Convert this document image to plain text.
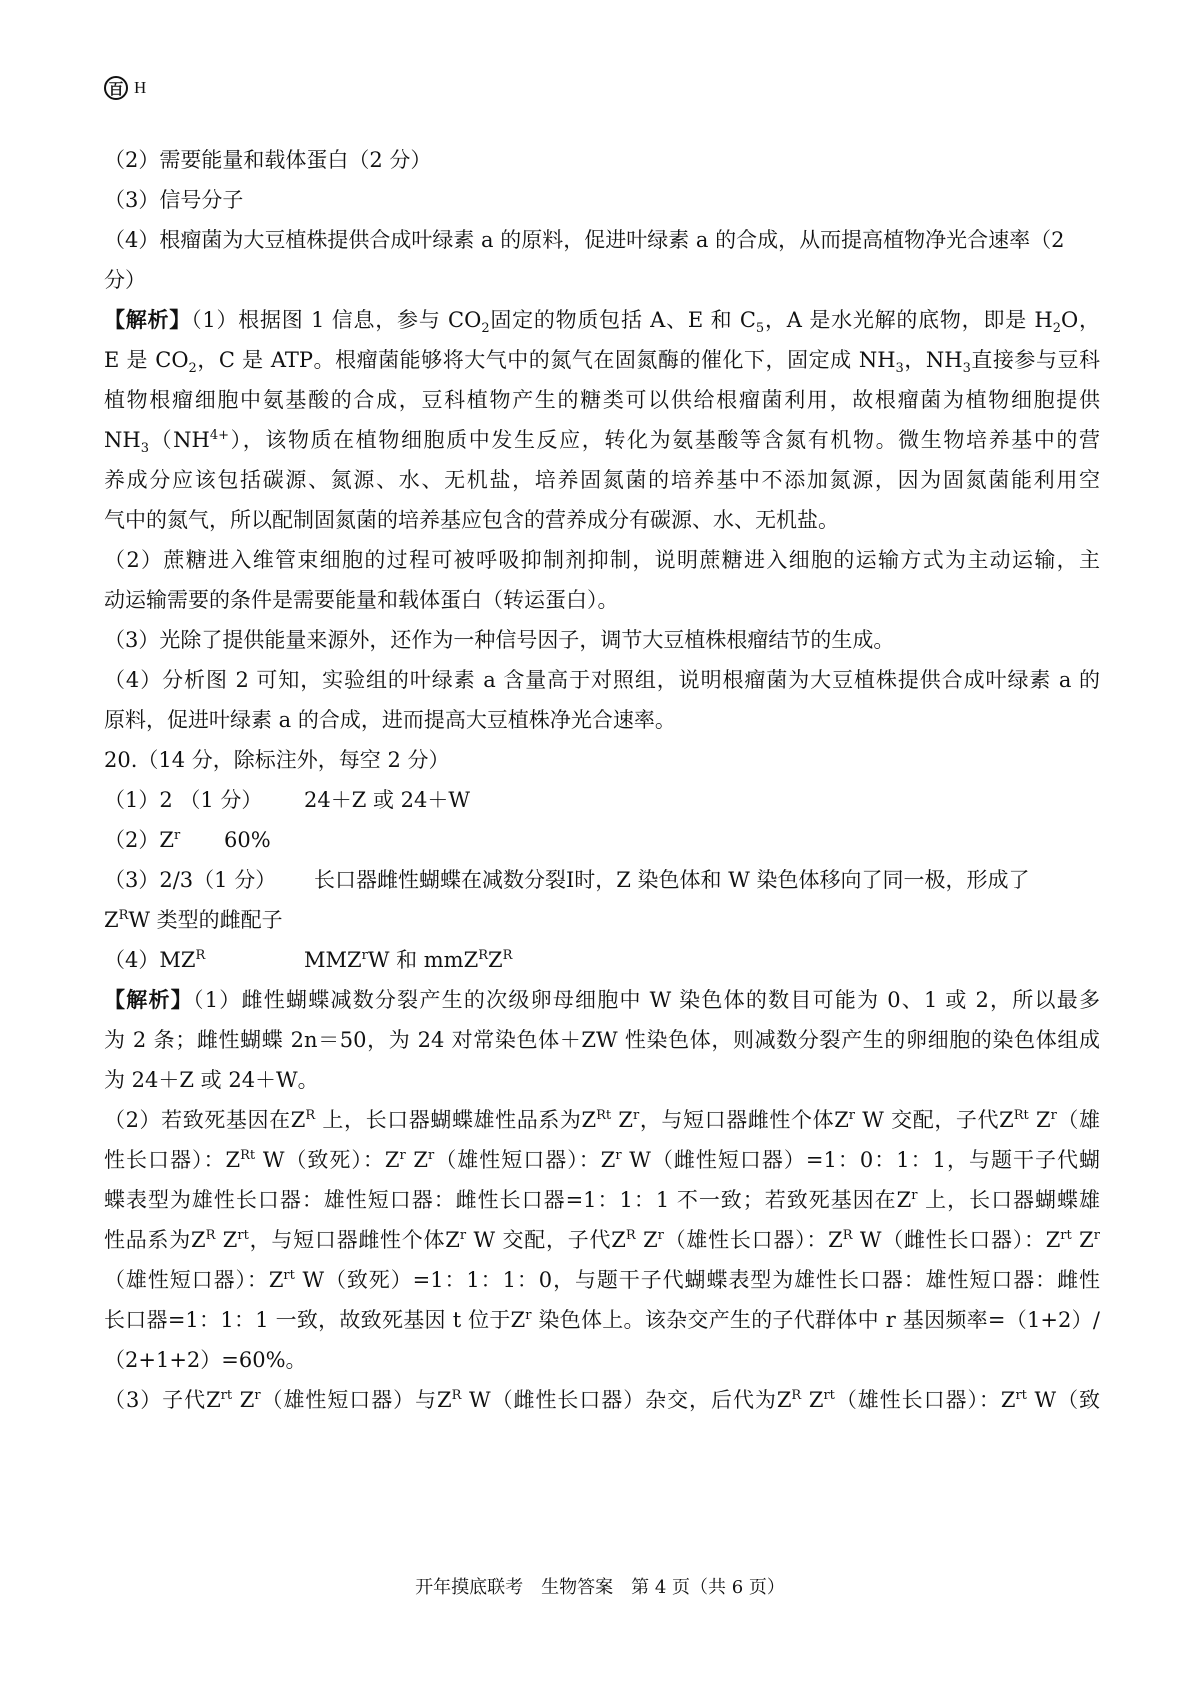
百 H
（2）需要能量和载体蛋白（2 分）
（3）信号分子
（4）根瘤菌为大豆植株提供合成叶绿素 a 的原料，促进叶绿素 a 的合成，从而提高植物净光合速率（2
分）
【解析】（1）根据图 1 信息，参与 $CO_2$固定的物质包括 A、E 和 $C_5$，A 是水光解的底物，即是 $H_2O$，
E 是 $CO_2$，C 是 ATP。根瘤菌能够将大气中的氮气在固氮酶的催化下，固定成 $NH_3$，$NH_3$直接参与豆科
植物根瘤细胞中氨基酸的合成，豆科植物产生的糖类可以供给根瘤菌利用，故根瘤菌为植物细胞提供
$NH_3(NH^{4+})$，该物质在植物细胞质中发生反应，转化为氨基酸等含氮有机物。微生物培养基中的营
养成分应该包括碳源、氮源、水、无机盐，培养固氮菌的培养基中不添加氮源，因为固氮菌能利用空
气中的氮气，所以配制固氮菌的培养基应包含的营养成分有碳源、水、无机盐。
（2）蔗糖进入维管束细胞的过程可被呼吸抑制剂抑制，说明蔗糖进入细胞的运输方式为主动运输，主
动运输需要的条件是需要能量和载体蛋白（转运蛋白）。
（3）光除了提供能量来源外，还作为一种信号因子，调节大豆植株根瘤结节的生成。
（4）分析图 2 可知，实验组的叶绿素 a 含量高于对照组，说明根瘤菌为大豆植株提供合成叶绿素 a 的
原料，促进叶绿素 a 的合成，进而提高大豆植株净光合速率。
20.（14 分，除标注外，每空 2 分）
（1）2 （1 分） 24＋Z 或 24＋W
$(2)Z^r$ 60%
（3）2/3（1 分） 长口器雌性蝴蝶在减数分裂Ⅰ时，Z 染色体和 W 染色体移向了同一极，形成了
$Z^RW$ 类型的雌配子
$(4)MZ^R$	MMZ$^r$W 和 $mmZ^RZ^R$
【解析】（1）雌性蝴蝶减数分裂产生的次级卵母细胞中 W 染色体的数目可能为 0、1 或 2，所以最多
为 2 条；雌性蝴蝶 2n＝50，为 24 对常染色体＋ZW 性染色体，则减数分裂产生的卵细胞的染色体组成
为 24＋Z 或 24＋W。
（2）若致死基因在$Z^R$ 上，长口器蝴蝶雄性品系为$Z^{Rt}$ $Z^r$，与短口器雌性个体$Z^r$ W 交配，子代$Z^{Rt}$ $Z^r$（雄
性长口器）：$Z^{Rt}$ W（致死）：$Z^r$ $Z^r$（雄性短口器）：$Z^r$ W（雌性短口器）=1：0：1：1，与题干子代蝴
蝶表型为雄性长口器：雄性短口器：雌性长口器=1：1：1 不一致；若致死基因在$Z^r$ 上，长口器蝴蝶雄
性品系为$Z^R$ $Z^{rt}$，与短口器雌性个体$Z^r$ W 交配，子代$Z^R$ $Z^r$（雄性长口器）：$Z^R$ W（雌性长口器）：$Z^{rt}$ $Z^r$
（雄性短口器）：$Z^{rt}$ W（致死）=1：1：1：0，与题干子代蝴蝶表型为雄性长口器：雄性短口器：雌性
长口器=1：1：1 一致，故致死基因 t 位于$Z^r$ 染色体上。该杂交产生的子代群体中 r 基因频率=（1+2）/
（2+1+2）=60%。
（3）子代$Z^{rt}$ $Z^r$（雄性短口器）与$Z^R$ W（雌性长口器）杂交，后代为$Z^R$ $Z^{rt}$（雄性长口器）：$Z^{rt}$ W（致
开年摸底联考　生物答案　第 4 页（共 6 页）
